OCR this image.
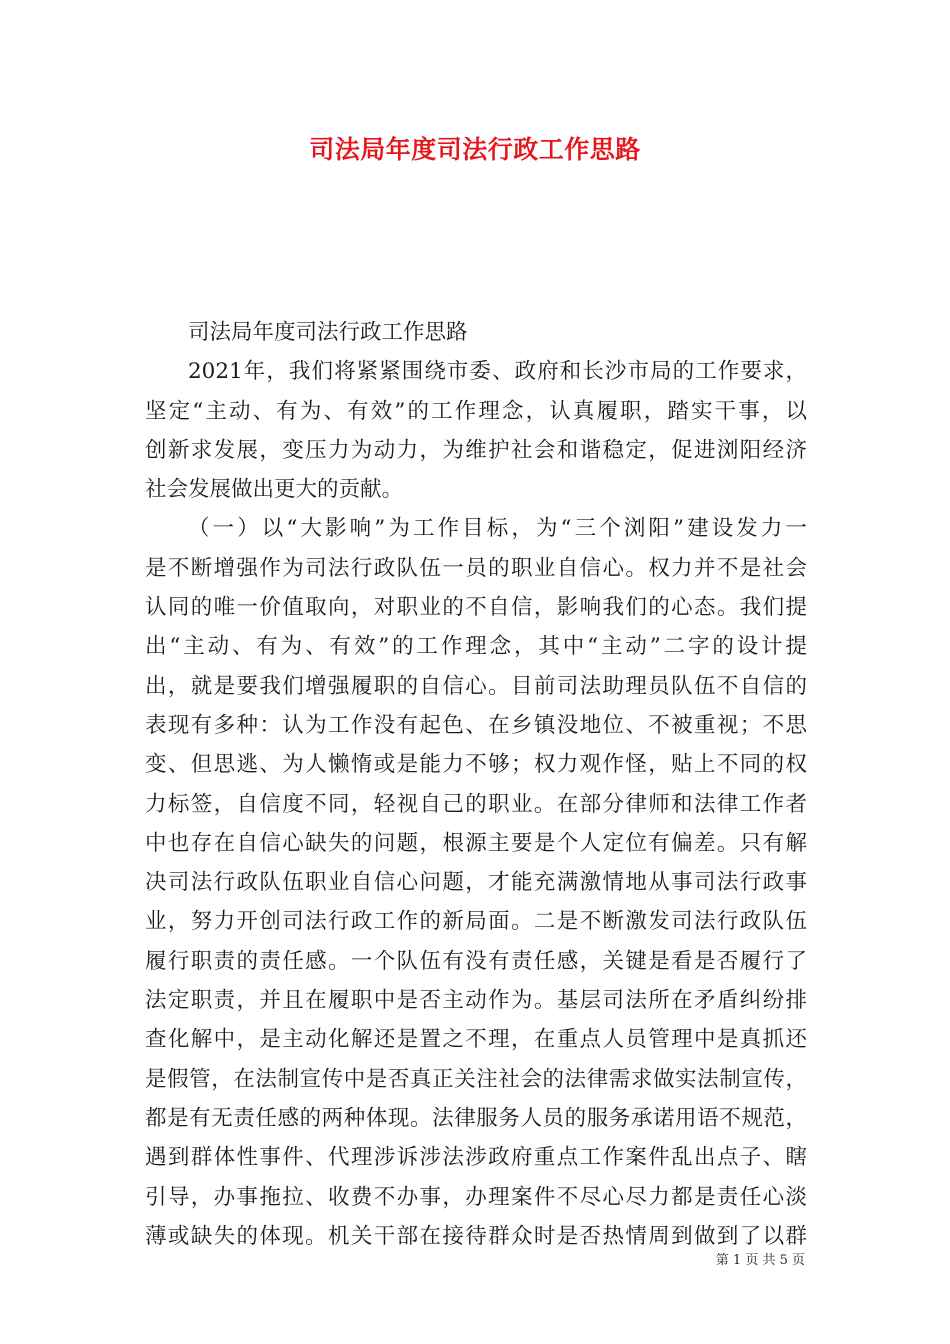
司法局年度司法行政工作思路
司法局年度司法行政工作思路
2021年，我们将紧紧围绕市委、政府和长沙市局的工作要求，
坚定“主动、有为、有效”的工作理念，认真履职，踏实干事，以
创新求发展，变压力为动力，为维护社会和谐稳定，促进浏阳经济
社会发展做出更大的贡献。
（一）以“大影响”为工作目标，为“三个浏阳”建设发力一
是不断增强作为司法行政队伍一员的职业自信心。权力并不是社会
认同的唯一价值取向，对职业的不自信，影响我们的心态。我们提
出“主动、有为、有效”的工作理念，其中“主动”二字的设计提
出，就是要我们增强履职的自信心。目前司法助理员队伍不自信的
表现有多种：认为工作没有起色、在乡镇没地位、不被重视；不思
变、但思逃、为人懒惰或是能力不够；权力观作怪，贴上不同的权
力标签，自信度不同，轻视自己的职业。在部分律师和法律工作者
中也存在自信心缺失的问题，根源主要是个人定位有偏差。只有解
决司法行政队伍职业自信心问题，才能充满激情地从事司法行政事
业，努力开创司法行政工作的新局面。二是不断激发司法行政队伍
履行职责的责任感。一个队伍有没有责任感，关键是看是否履行了
法定职责，并且在履职中是否主动作为。基层司法所在矛盾纠纷排
查化解中，是主动化解还是置之不理，在重点人员管理中是真抓还
是假管，在法制宣传中是否真正关注社会的法律需求做实法制宣传，
都是有无责任感的两种体现。法律服务人员的服务承诺用语不规范，
遇到群体性事件、代理涉诉涉法涉政府重点工作案件乱出点子、瞎
引导，办事拖拉、收费不办事，办理案件不尽心尽力都是责任心淡
薄或缺失的体现。机关干部在接待群众时是否热情周到做到了以群
第 1 页 共 5 页
